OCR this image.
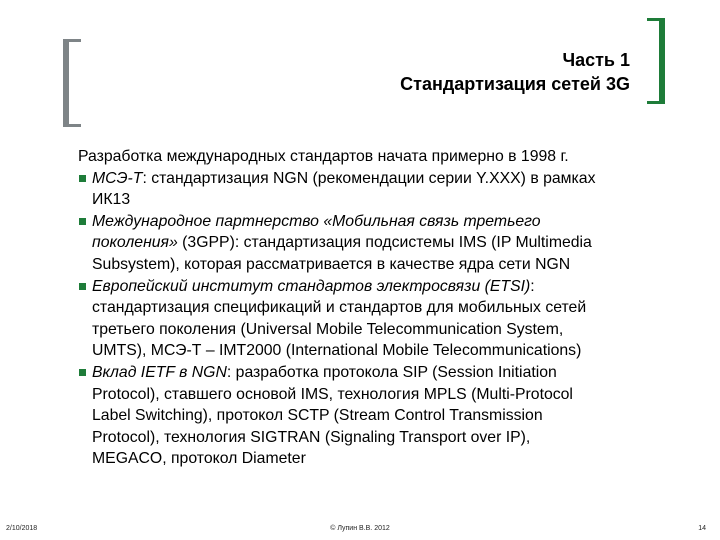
Часть 1
Стандартизация сетей 3G
Разработка международных стандартов начата примерно в 1998 г.
МСЭ-Т: стандартизация NGN (рекомендации серии Y.XXX) в рамках
ИК13
Международное партнерство «Мобильная связь третьего
поколения» (3GPP): стандартизация подсистемы IMS (IP Multimedia
Subsystem), которая рассматривается в качестве ядра сети NGN
Европейский институт стандартов электросвязи (ETSI):
стандартизация спецификаций и стандартов для мобильных сетей
третьего поколения (Universal Mobile Telecommunication System,
UMTS), МСЭ-Т – IMT2000 (International Mobile Telecommunications)
Вклад IETF в NGN: разработка протокола SIP (Session Initiation
Protocol), ставшего основой IMS, технология MPLS (Multi-Protocol
Label Switching), протокол SCTP (Stream Control Transmission
Protocol), технология SIGTRAN (Signaling Transport over IP),
MEGACO, протокол Diameter
2/10/2018	© Лупин В.В. 2012	14
